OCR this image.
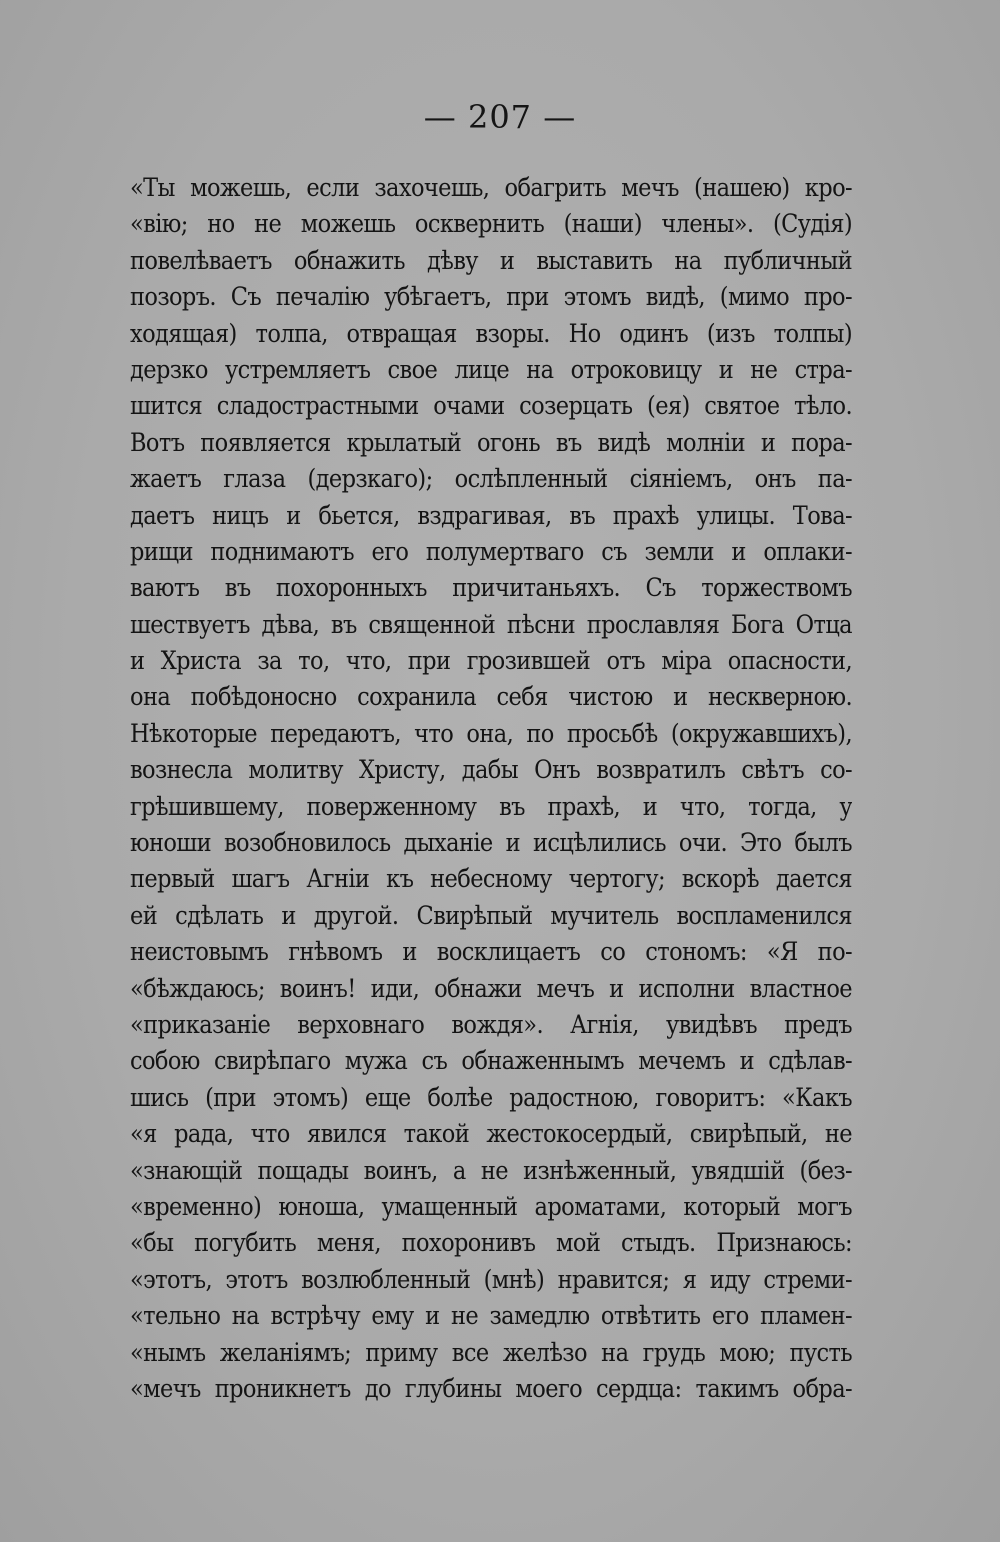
— 207 —
«Ты можешь, если захочешь, обагрить мечъ (нашею) кро-
«вію; но не можешь осквернить (наши) члены». (Судія)
повелѣваетъ обнажить дѣву и выставить на публичный
позоръ. Съ печалію убѣгаетъ, при этомъ видѣ, (мимо про-
ходящая) толпа, отвращая взоры. Но одинъ (изъ толпы)
дерзко устремляетъ свое лице на отроковицу и не стра-
шится сладострастными очами созерцать (ея) святое тѣло.
Вотъ появляется крылатый огонь въ видѣ молніи и пора-
жаетъ глаза (дерзкаго); ослѣпленный сіяніемъ, онъ па-
даетъ ницъ и бьется, вздрагивая, въ прахѣ улицы. Това-
рищи поднимаютъ его полумертваго съ земли и оплаки-
ваютъ въ похоронныхъ причитаньяхъ. Съ торжествомъ
шествуетъ дѣва, въ священной пѣсни прославляя Бога Отца
и Христа за то, что, при грозившей отъ міра опасности,
она побѣдоносно сохранила себя чистою и нескверною.
Нѣкоторые передаютъ, что она, по просьбѣ (окружавшихъ),
вознесла молитву Христу, дабы Онъ возвратилъ свѣтъ со-
грѣшившему, поверженному въ прахѣ, и что, тогда, у
юноши возобновилось дыханіе и исцѣлились очи. Это былъ
первый шагъ Агніи къ небесному чертогу; вскорѣ дается
ей сдѣлать и другой. Свирѣпый мучитель воспламенился
неистовымъ гнѣвомъ и восклицаетъ со стономъ: «Я по-
«бѣждаюсь; воинъ! иди, обнажи мечъ и исполни властное
«приказаніе верховнаго вождя». Агнія, увидѣвъ предъ
собою свирѣпаго мужа съ обнаженнымъ мечемъ и сдѣлав-
шись (при этомъ) еще болѣе радостною, говоритъ: «Какъ
«я рада, что явился такой жестокосердый, свирѣпый, не
«знающій пощады воинъ, а не изнѣженный, увядшій (без-
«временно) юноша, умащенный ароматами, который могъ
«бы погубить меня, похоронивъ мой стыдъ. Признаюсь:
«этотъ, этотъ возлюбленный (мнѣ) нравится; я иду стреми-
«тельно на встрѣчу ему и не замедлю отвѣтить его пламен-
«нымъ желаніямъ; приму все желѣзо на грудь мою; пусть
«мечъ проникнетъ до глубины моего сердца: такимъ обра-
